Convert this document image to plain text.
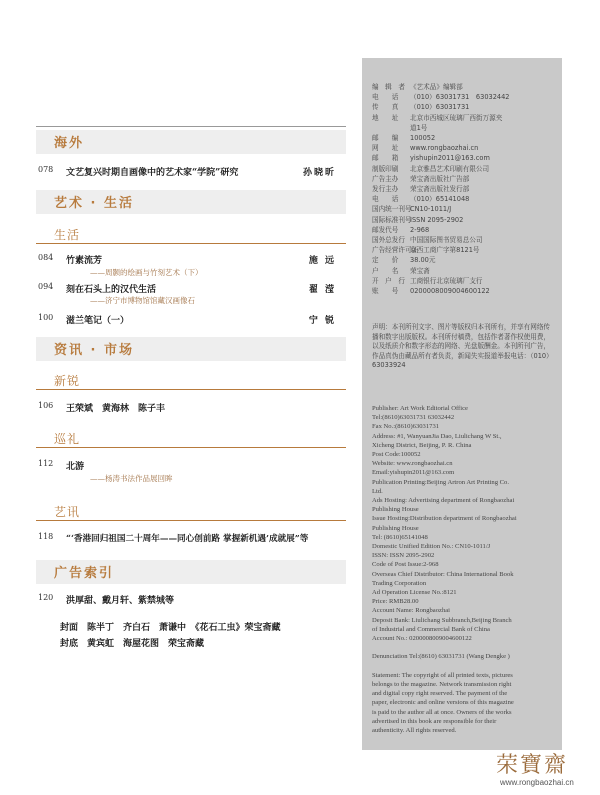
海外
078 文艺复兴时期自画像中的艺术家“学院”研究	孙晓昕
艺术 · 生活
生活
084 竹素流芳	施 远
——周颢的绘画与竹刻艺术（下）
094 刻在石头上的汉代生活	翟 滢
——济宁市博物馆馆藏汉画像石
100 滋兰笔记（一）	宁 锐
资讯 · 市场
新锐
106 王荣斌　黄海林　陈子丰
巡礼
112 北游
——杨涛书法作品展回眸
艺讯
118 “‘香港回归祖国二十周年——同心创前路 掌握新机遇’成就展”等
广告索引
120 洪厚甜、戴月轩、紫禁城等
封面　陈半丁　齐白石　萧谦中　《花石工虫》荣宝斋藏
封底　黄宾虹　海屋花图　荣宝斋藏
编　辑　者 《艺术品》编辑部
电　　话 （010）63031731　63032442
传　　真 （010）63031731
地　　址 北京市西城区琉璃厂西街万源夹
道1号
邮　　编 100052
网　　址 www.rongbaozhai.cn
邮　　箱 yishupin2011@163.com
制版印刷 北京雅昌艺术印刷有限公司
广告主办 荣宝斋出版社广告部
发行主办 荣宝斋出版社发行部
电　　话 （010）65141048
国内统一刊号CN10-1011/J
国际标准刊号ISSN 2095-2902
邮发代号 2-968
国外总发行 中国国际图书贸易总公司
广告经营许可证京西工商广字第8121号
定　　价 38.00元
户　　名 荣宝斋
开　户　行 工商银行北京琉璃厂支行
账　　号 0200008009004600122
声明：本刊所刊文字、图片等版权归本刊所有，并享有网络传播和数字出版版权。本刊所付稿费，包括作者著作权使用费，以及纸质介和数字形态的网络、光盘版酬金。本刊所刊广告，作品真伪由藏品所有者负责，新闻失实报道举报电话：（010）63033924
Publisher: Art Work Editorial Office
Tel:(8610)63031731 63032442
Fax No.:(8610)63031731
Address: #1, WanyuanJia Dao, Liulichang W St.,
Xicheng District, Beijing, P. R. China
Post Code:100052
Website: www.rongbaozhai.cn
Email:yishupin2011@163.com
Publication Printing:Beijing Artron Art Printing Co.
Ltd.
Ads Hosting: Advertising department of Rongbaozhai
Publishing House
Issue Hosting:Distribution department of Rongbaozhai
Publishing House
Tel: (8610)65141048
Domestic Unified Edition No.: CN10-1011/J
ISSN: ISSN 2095-2902
Code of Post Issue:2-968
Overseas Chief Distributor: China International Book
Trading Corporation
Ad Operation License No.:8121
Price: RMB28.00
Account Name: Rongbaozhai
Deposit Bank: Liulichang Subbranch,Beijing Branch
of Industrial and Commercial Bank of China
Account No.: 0200008009004600122
Denunciation Tel:(8610) 63031731 (Wang Dengke )
Statement: The copyright of all printed texts, pictures
belongs to the magazine. Network transmission right
and digital copy right reserved. The payment of the
paper, electronic and online versions of this magazine
is paid to the author all at once. Owners of the works
advertised in this book are responsible for their
authenticity. All rights reserved.
荣寶齋
www.rongbaozhai.cn
